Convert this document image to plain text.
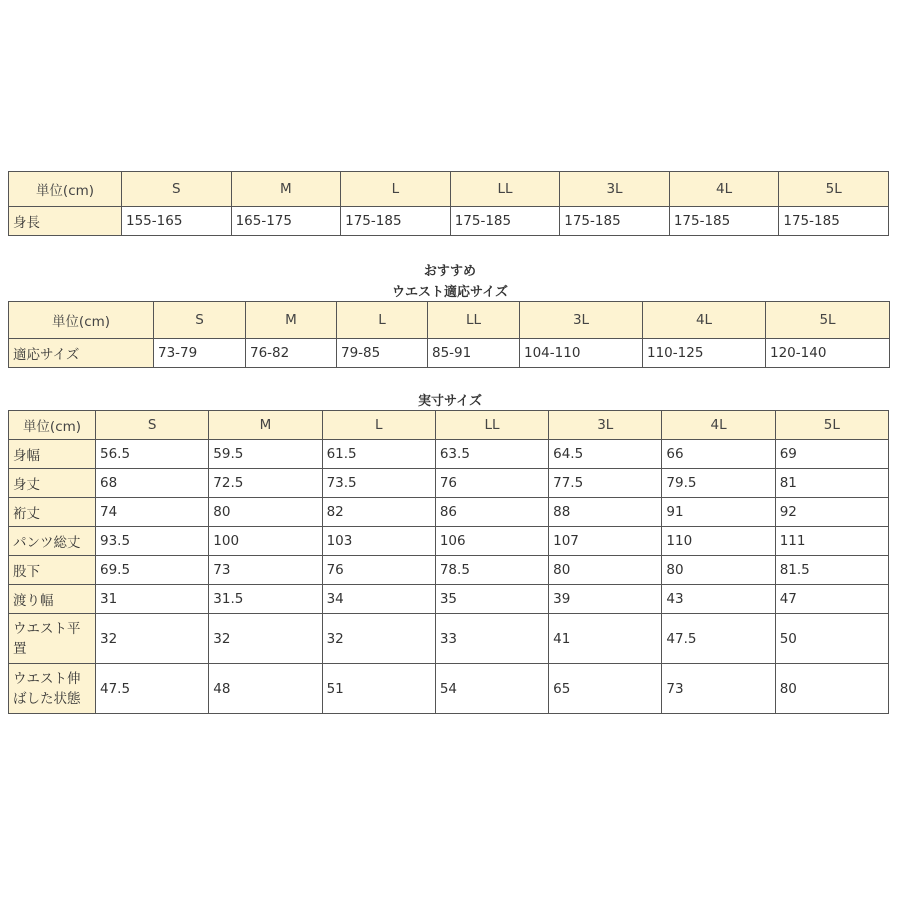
単位(cm)	S	M	L	LL	3L	4L	5L
身長	155-165	165-175	175-185	175-185	175-185	175-185	175-185
おすすめ
ウエスト適応サイズ
単位(cm)	S	M	L	LL	3L	4L	5L
適応サイズ	73-79	76-82	79-85	85-91	104-110	110-125	120-140
実寸サイズ
単位(cm)	S	M	L	LL	3L	4L	5L
身幅	56.5	59.5	61.5	63.5	64.5	66	69
身丈	68	72.5	73.5	76	77.5	79.5	81
裄丈	74	80	82	86	88	91	92
パンツ総丈	93.5	100	103	106	107	110	111
股下	69.5	73	76	78.5	80	80	81.5
渡り幅	31	31.5	34	35	39	43	47
ウエスト平置	32	32	32	33	41	47.5	50
ウエスト伸ばした状態	47.5	48	51	54	65	73	80
